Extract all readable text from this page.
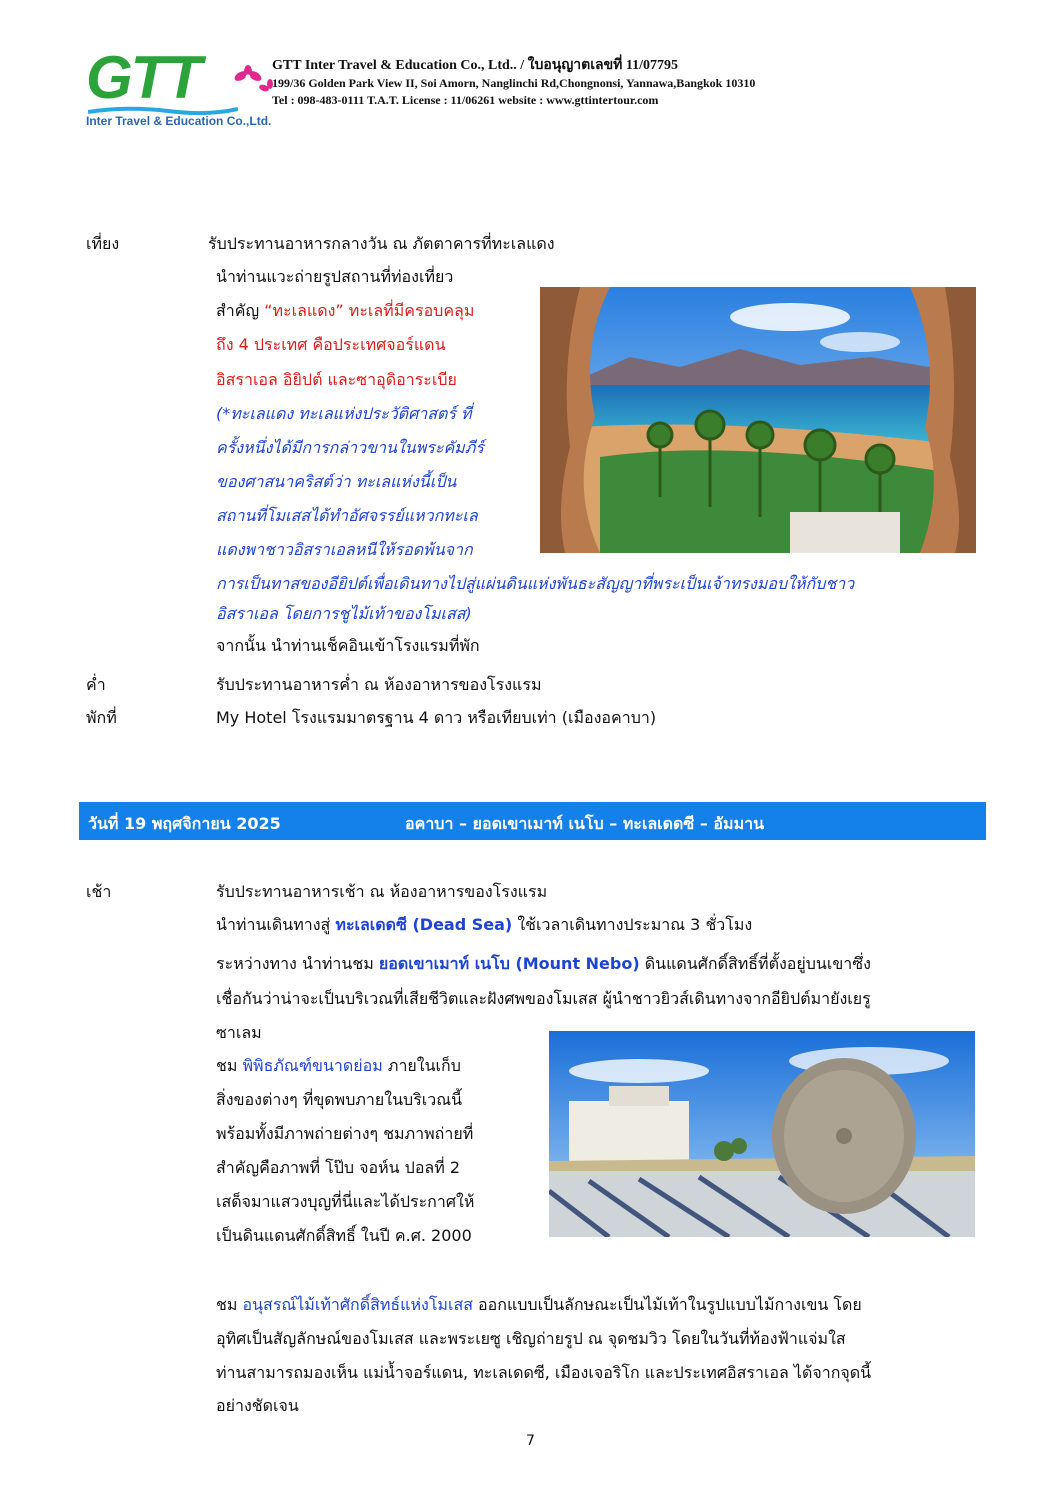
GTT
Inter Travel & Education Co.,Ltd.
GTT Inter Travel & Education Co., Ltd.. / ใบอนุญาตเลขที่ 11/07795
199/36 Golden Park View II, Soi Amorn, Nanglinchi Rd,Chongnonsi, Yannawa,Bangkok 10310
Tel : 098-483-0111 T.A.T. License : 11/06261 website : www.gttintertour.com
เที่ยง	รับประทานอาหารกลางวัน ณ ภัตตาคารที่ทะเลแดง
นำท่านแวะถ่ายรูปสถานที่ท่องเที่ยว
สำคัญ “ทะเลแดง” ทะเลที่มีครอบคลุม
ถึง 4 ประเทศ คือประเทศจอร์แดน
อิสราเอล อิยิปต์ และซาอุดิอาระเบีย
(*ทะเลแดง ทะเลแห่งประวัติศาสตร์ ที่
ครั้งหนึ่งได้มีการกล่าวขานในพระคัมภีร์
ของศาสนาคริสต์ว่า ทะเลแห่งนี้เป็น
สถานที่โมเสสได้ทำอัศจรรย์แหวกทะเล
แดงพาชาวอิสราเอลหนีให้รอดพ้นจาก
การเป็นทาสของอียิปต์เพื่อเดินทางไปสู่แผ่นดินแห่งพันธะสัญญาที่พระเป็นเจ้าทรงมอบให้กับชาว
อิสราเอล โดยการชูไม้เท้าของโมเสส)
จากนั้น นำท่านเช็คอินเข้าโรงแรมที่พัก
ค่ำ	รับประทานอาหารค่ำ ณ ห้องอาหารของโรงแรม
พักที่	My Hotel โรงแรมมาตรฐาน 4 ดาว หรือเทียบเท่า (เมืองอคาบา)
วันที่ 19 พฤศจิกายน 2025	อคาบา – ยอดเขาเมาท์ เนโบ – ทะเลเดดซี – อัมมาน
เช้า	รับประทานอาหารเช้า ณ ห้องอาหารของโรงแรม
นำท่านเดินทางสู่ ทะเลเดดซี (Dead Sea) ใช้เวลาเดินทางประมาณ 3 ชั่วโมง
ระหว่างทาง นำท่านชม ยอดเขาเมาท์ เนโบ (Mount Nebo) ดินแดนศักดิ์สิทธิ์ที่ตั้งอยู่บนเขาซึ่ง
เชื่อกันว่าน่าจะเป็นบริเวณที่เสียชีวิตและฝังศพของโมเสส ผู้นำชาวยิวส์เดินทางจากอียิปต์มายังเยรู
ซาเลม
ชม พิพิธภัณฑ์ขนาดย่อม ภายในเก็บ
สิ่งของต่างๆ ที่ขุดพบภายในบริเวณนี้
พร้อมทั้งมีภาพถ่ายต่างๆ ชมภาพถ่ายที่
สำคัญคือภาพที่ โป๊บ จอห์น ปอลที่ 2
เสด็จมาแสวงบุญที่นี่และได้ประกาศให้
เป็นดินแดนศักดิ์สิทธิ์ ในปี ค.ศ. 2000
ชม อนุสรณ์ไม้เท้าศักดิ์สิทธ์แห่งโมเสส ออกแบบเป็นลักษณะเป็นไม้เท้าในรูปแบบไม้กางเขน โดย
อุทิศเป็นสัญลักษณ์ของโมเสส และพระเยซู เชิญถ่ายรูป ณ จุดชมวิว โดยในวันที่ท้องฟ้าแจ่มใส
ท่านสามารถมองเห็น แม่น้ำจอร์แดน, ทะเลเดดซี, เมืองเจอริโก และประเทศอิสราเอล ได้จากจุดนี้
อย่างชัดเจน
7
